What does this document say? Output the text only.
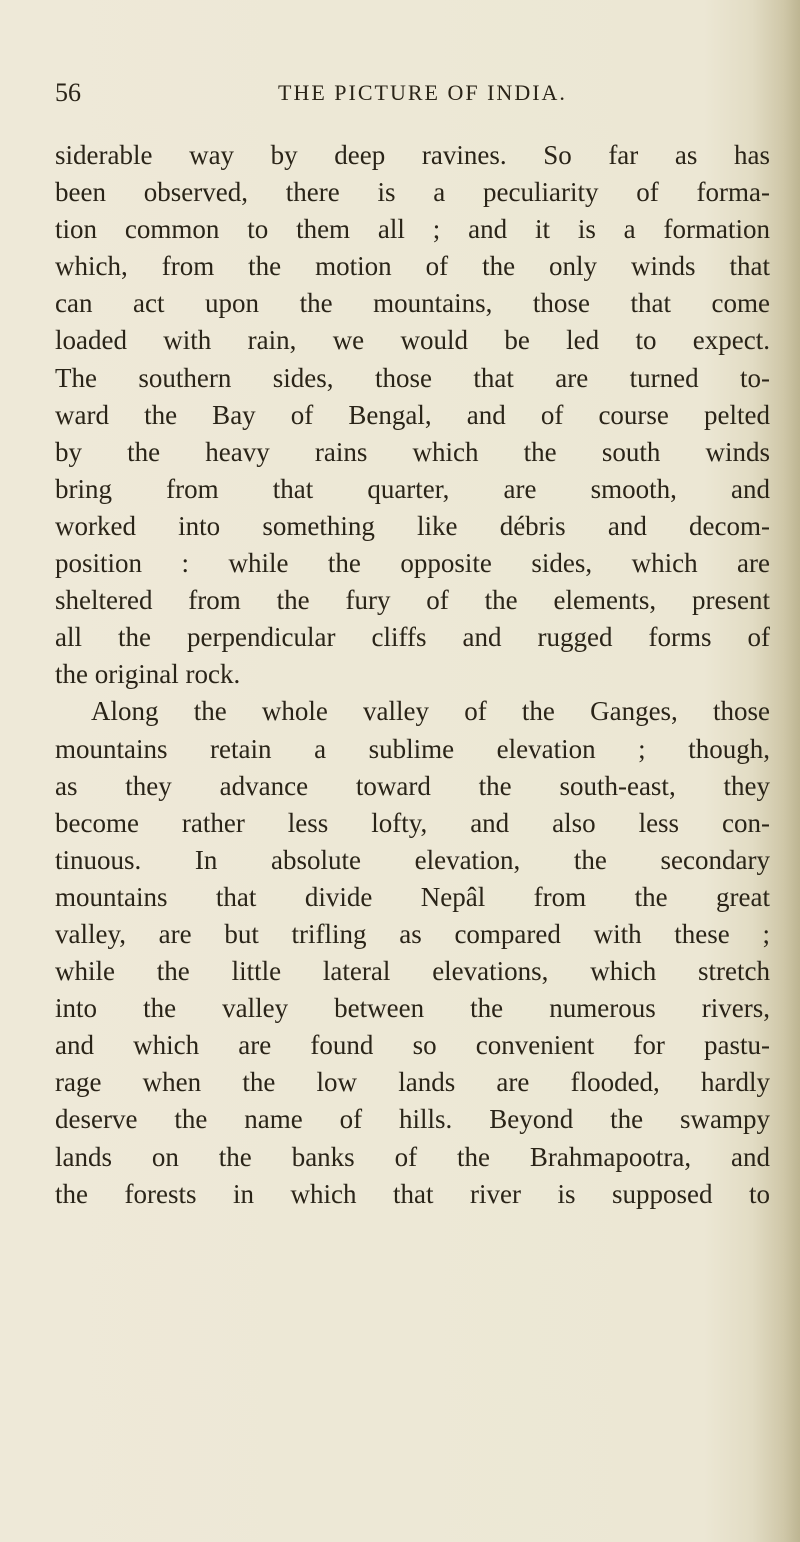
56	THE PICTURE OF INDIA.
siderable way by deep ravines. So far as has
been observed, there is a peculiarity of forma-
tion common to them all ; and it is a formation
which, from the motion of the only winds that
can act upon the mountains, those that come
loaded with rain, we would be led to expect.
The southern sides, those that are turned to-
ward the Bay of Bengal, and of course pelted
by the heavy rains which the south winds
bring from that quarter, are smooth, and
worked into something like débris and decom-
position : while the opposite sides, which are
sheltered from the fury of the elements, present
all the perpendicular cliffs and rugged forms of
the original rock.
Along the whole valley of the Ganges, those
mountains retain a sublime elevation ; though,
as they advance toward the south-east, they
become rather less lofty, and also less con-
tinuous. In absolute elevation, the secondary
mountains that divide Nepâl from the great
valley, are but trifling as compared with these ;
while the little lateral elevations, which stretch
into the valley between the numerous rivers,
and which are found so convenient for pastu-
rage when the low lands are flooded, hardly
deserve the name of hills. Beyond the swampy
lands on the banks of the Brahmapootra, and
the forests in which that river is supposed to
